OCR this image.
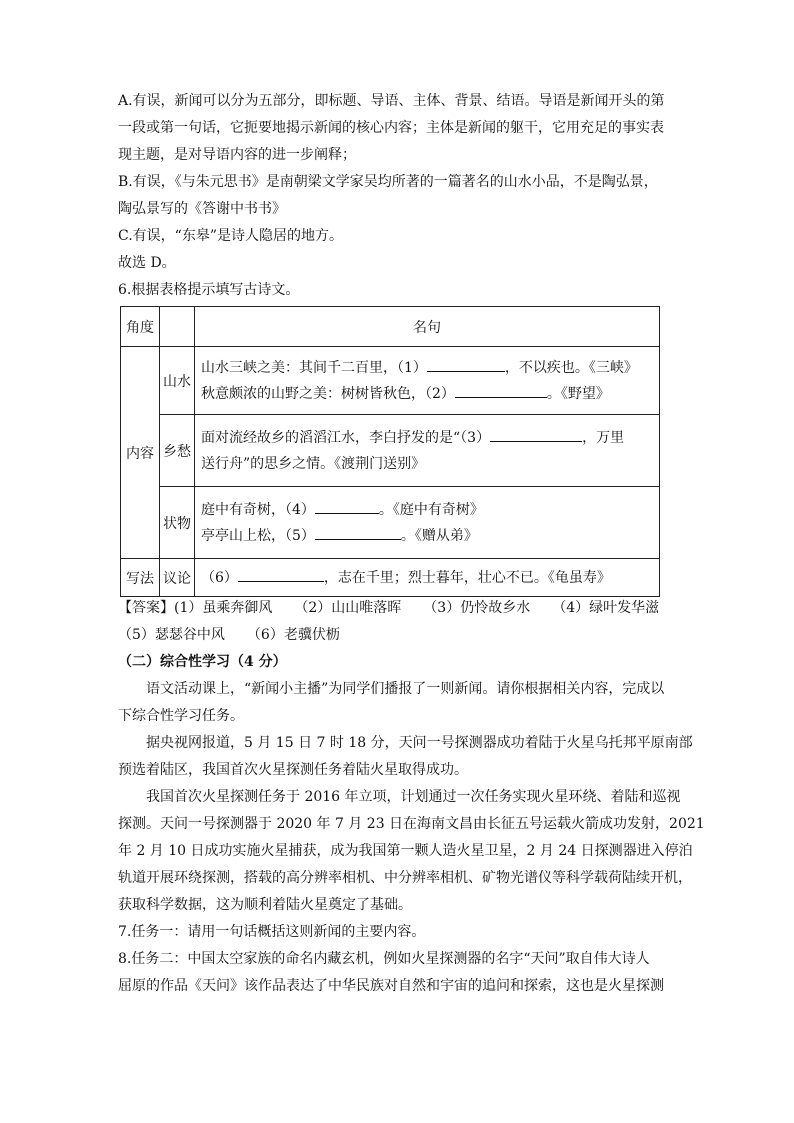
A.有误，新闻可以分为五部分，即标题、导语、主体、背景、结语。导语是新闻开头的第

一段或第一句话，它扼要地揭示新闻的核心内容；主体是新闻的躯干，它用充足的事实表

现主题，是对导语内容的进一步阐释；

B.有误，《与朱元思书》是南朝梁文学家吴均所著的一篇著名的山水小品，不是陶弘景，

陶弘景写的《答谢中书书》

C.有误，“东皋”是诗人隐居的地方。

故选 D。

6.根据表格提示填写古诗文。

角度		名句
内容	山水	山水三峡之美：其间千二百里，（1） ，不以疾也。《三峡》
秋意颇浓的山野之美：树树皆秋色，（2） 。《野望》

	乡愁	面对流经故乡的滔滔江水，李白抒发的是“（3） ，万里
送行舟”的思乡之情。《渡荆门送别》

	状物	庭中有奇树，（4） 。《庭中有奇树》
亭亭山上松，（5） 。《赠从弟》

写法	议论	（6） ，志在千里；烈士暮年，壮心不已。《龟虽寿》

【答案】(1）虽乘奔御风 （2）山山唯落晖 （3）仍怜故乡水 （4）绿叶发华滋

（5）瑟瑟谷中风 （6）老骥伏枥

（二）综合性学习（4 分）

语文活动课上，“新闻小主播”为同学们播报了一则新闻。请你根据相关内容，完成以

下综合性学习任务。

据央视网报道，5 月 15 日 7 时 18 分，天问一号探测器成功着陆于火星乌托邦平原南部

预选着陆区，我国首次火星探测任务着陆火星取得成功。

我国首次火星探测任务于 2016 年立项，计划通过一次任务实现火星环绕、着陆和巡视

探测。天问一号探测器于 2020 年 7 月 23 日在海南文昌由长征五号运载火箭成功发射，2021

年 2 月 10 日成功实施火星捕获，成为我国第一颗人造火星卫星，2 月 24 日探测器进入停泊

轨道开展环绕探测，搭载的高分辨率相机、中分辨率相机、矿物光谱仪等科学载荷陆续开机，

获取科学数据，这为顺利着陆火星奠定了基础。

7.任务一：请用一句话概括这则新闻的主要内容。

8.任务二：中国太空家族的命名内藏玄机，例如火星探测器的名字“天问”取自伟大诗人

屈原的作品《天问》该作品表达了中华民族对自然和宇宙的追问和探索，这也是火星探测
